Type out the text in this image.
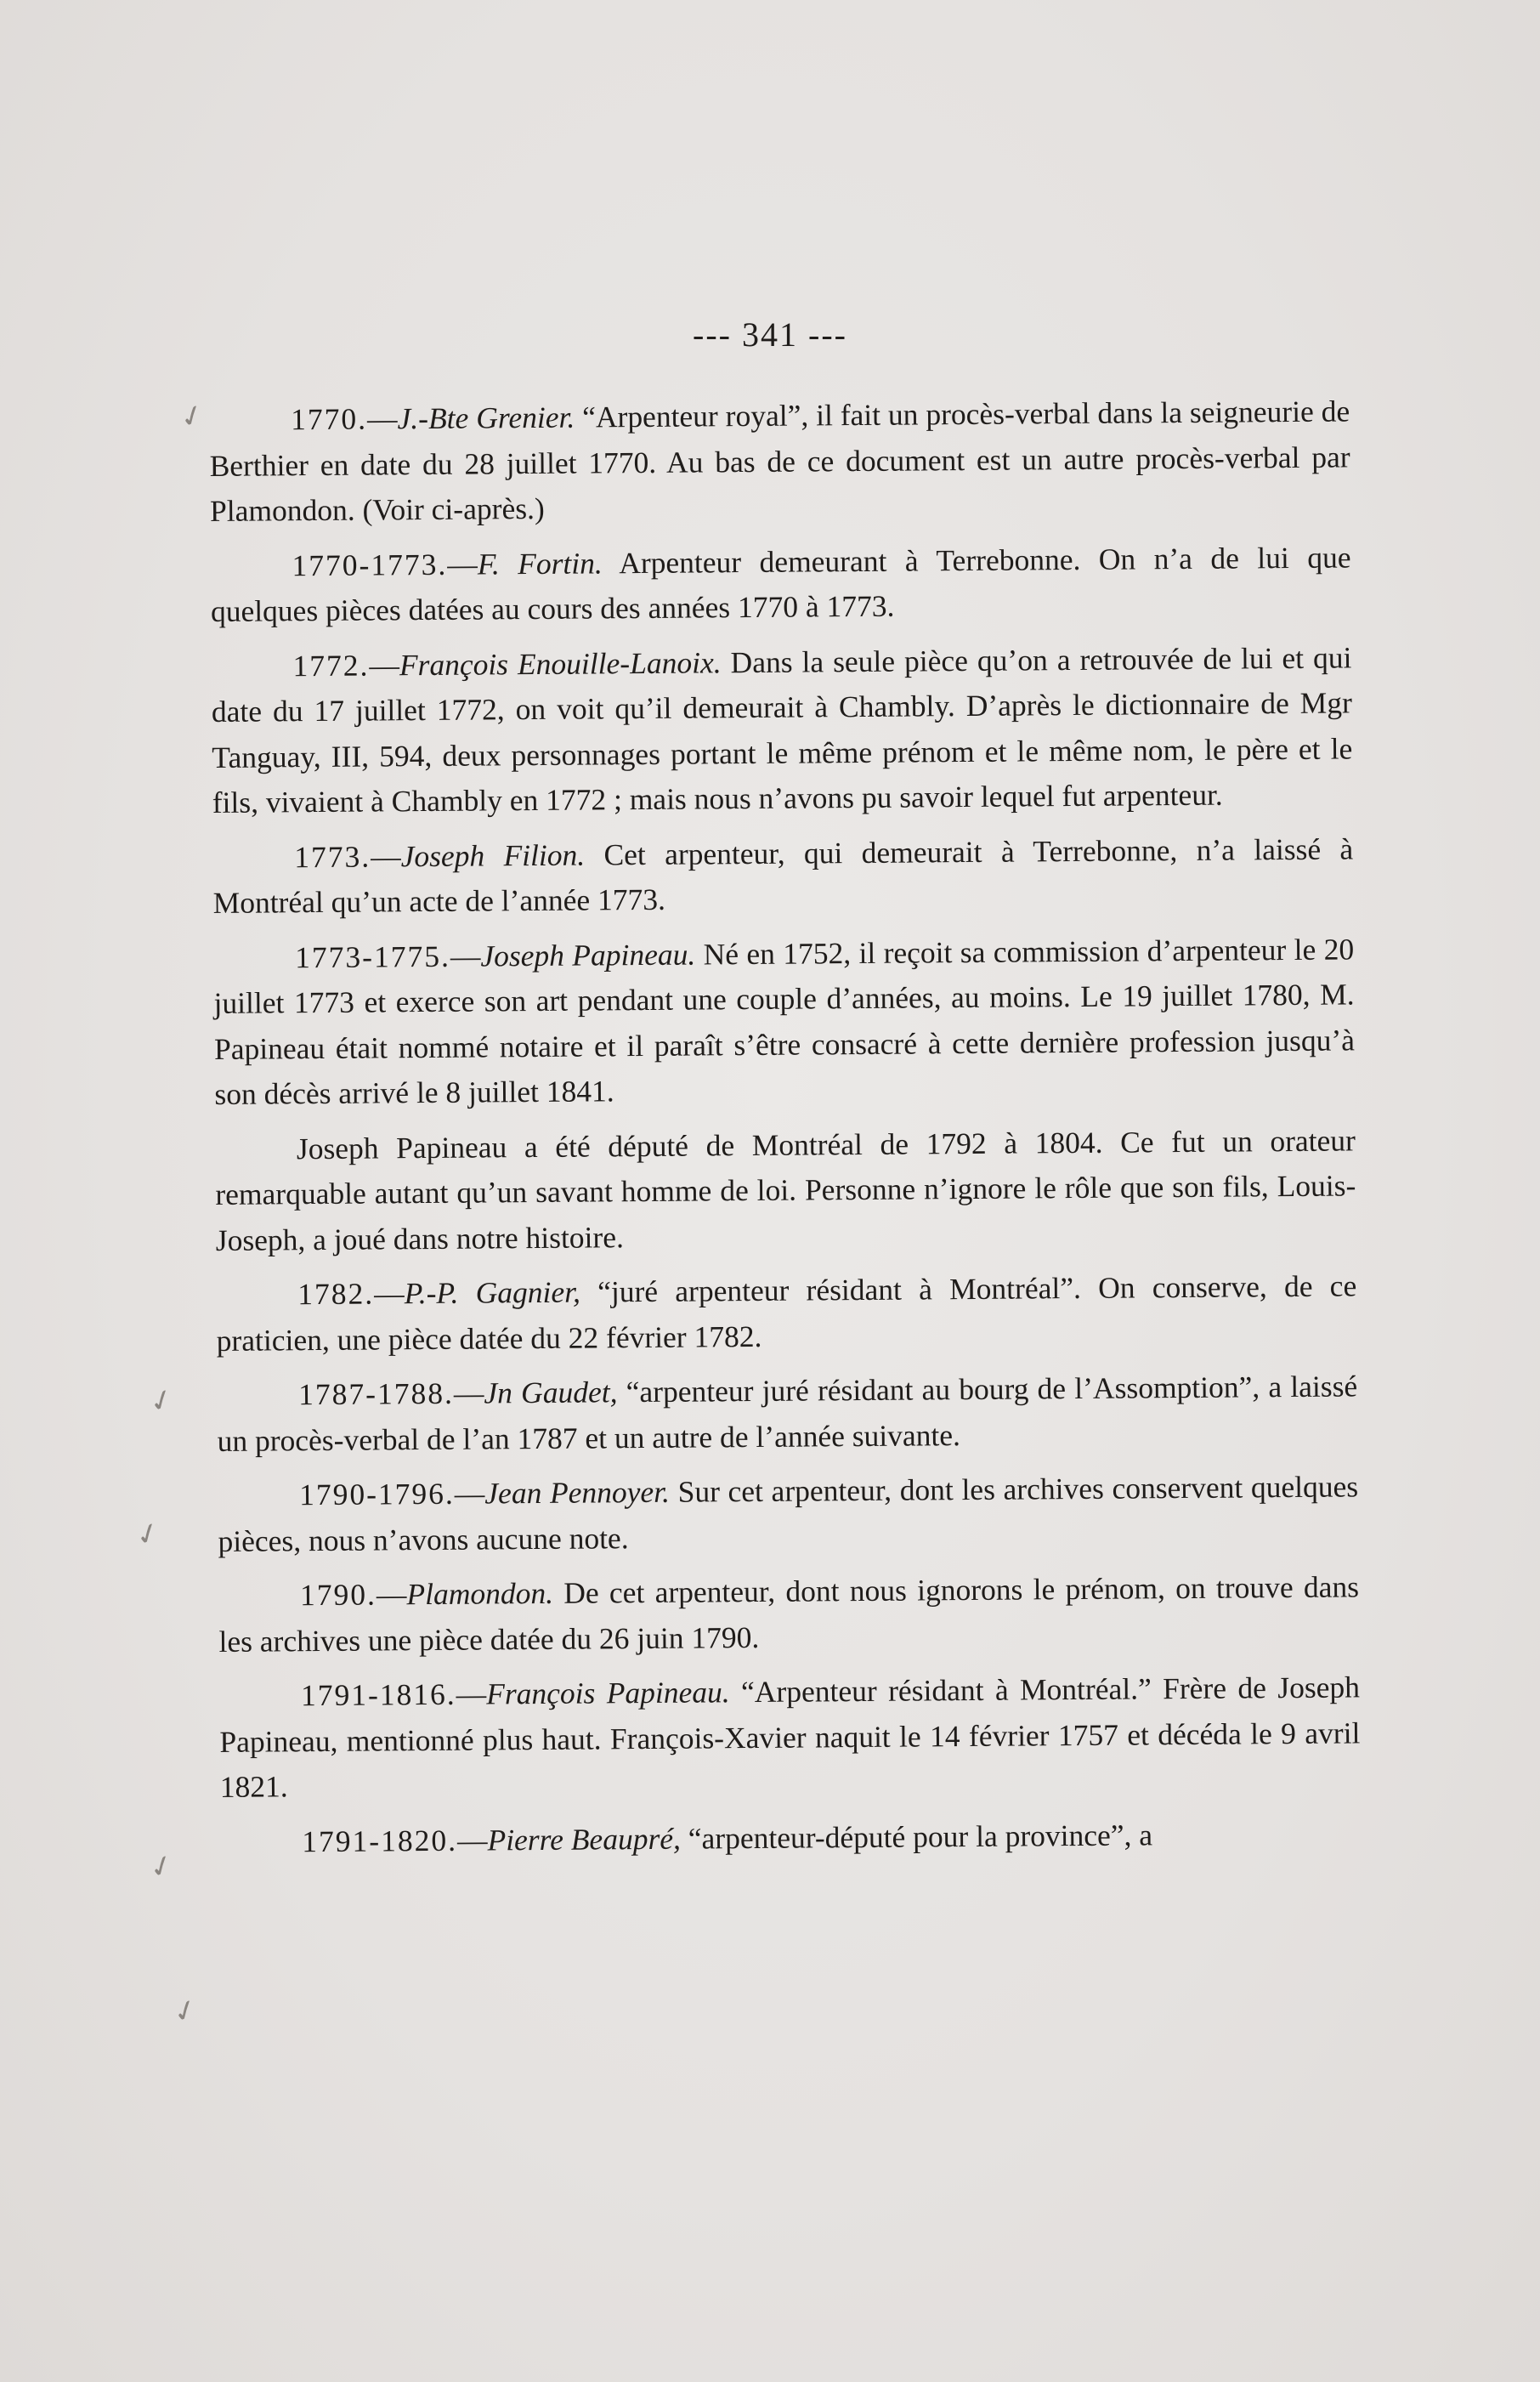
--- 341 ---
✓
✓
✓
✓
✓

1770.—J.-Bte Grenier. “Arpenteur royal”, il fait un procès-verbal dans la seigneurie de Berthier en date du 28 juillet 1770. Au bas de ce document est un autre procès-verbal par Plamondon. (Voir ci-après.)

1770-1773.—F. Fortin. Arpenteur demeurant à Terrebonne. On n’a de lui que quelques pièces datées au cours des années 1770 à 1773.

1772.—François Enouille-Lanoix. Dans la seule pièce qu’on a retrouvée de lui et qui date du 17 juillet 1772, on voit qu’il demeurait à Chambly. D’après le dictionnaire de Mgr Tanguay, III, 594, deux personnages portant le même prénom et le même nom, le père et le fils, vivaient à Chambly en 1772 ; mais nous n’avons pu savoir lequel fut arpenteur.

1773.—Joseph Filion. Cet arpenteur, qui demeurait à Terrebonne, n’a laissé à Montréal qu’un acte de l’année 1773.

1773-1775.—Joseph Papineau. Né en 1752, il reçoit sa commission d’arpenteur le 20 juillet 1773 et exerce son art pendant une couple d’années, au moins. Le 19 juillet 1780, M. Papineau était nommé notaire et il paraît s’être consacré à cette dernière profession jusqu’à son décès arrivé le 8 juillet 1841.

Joseph Papineau a été député de Montréal de 1792 à 1804. Ce fut un orateur remarquable autant qu’un savant homme de loi. Personne n’ignore le rôle que son fils, Louis-Joseph, a joué dans notre histoire.

1782.—P.-P. Gagnier, “juré arpenteur résidant à Montréal”. On conserve, de ce praticien, une pièce datée du 22 février 1782.

1787-1788.—Jn Gaudet, “arpenteur juré résidant au bourg de l’Assomption”, a laissé un procès-verbal de l’an 1787 et un autre de l’année suivante.

1790-1796.—Jean Pennoyer. Sur cet arpenteur, dont les archives conservent quelques pièces, nous n’avons aucune note.

1790.—Plamondon. De cet arpenteur, dont nous ignorons le prénom, on trouve dans les archives une pièce datée du 26 juin 1790.

1791-1816.—François Papineau. “Arpenteur résidant à Montréal.” Frère de Joseph Papineau, mentionné plus haut. François-Xavier naquit le 14 février 1757 et décéda le 9 avril 1821.

1791-1820.—Pierre Beaupré, “arpenteur-député pour la province”, a
